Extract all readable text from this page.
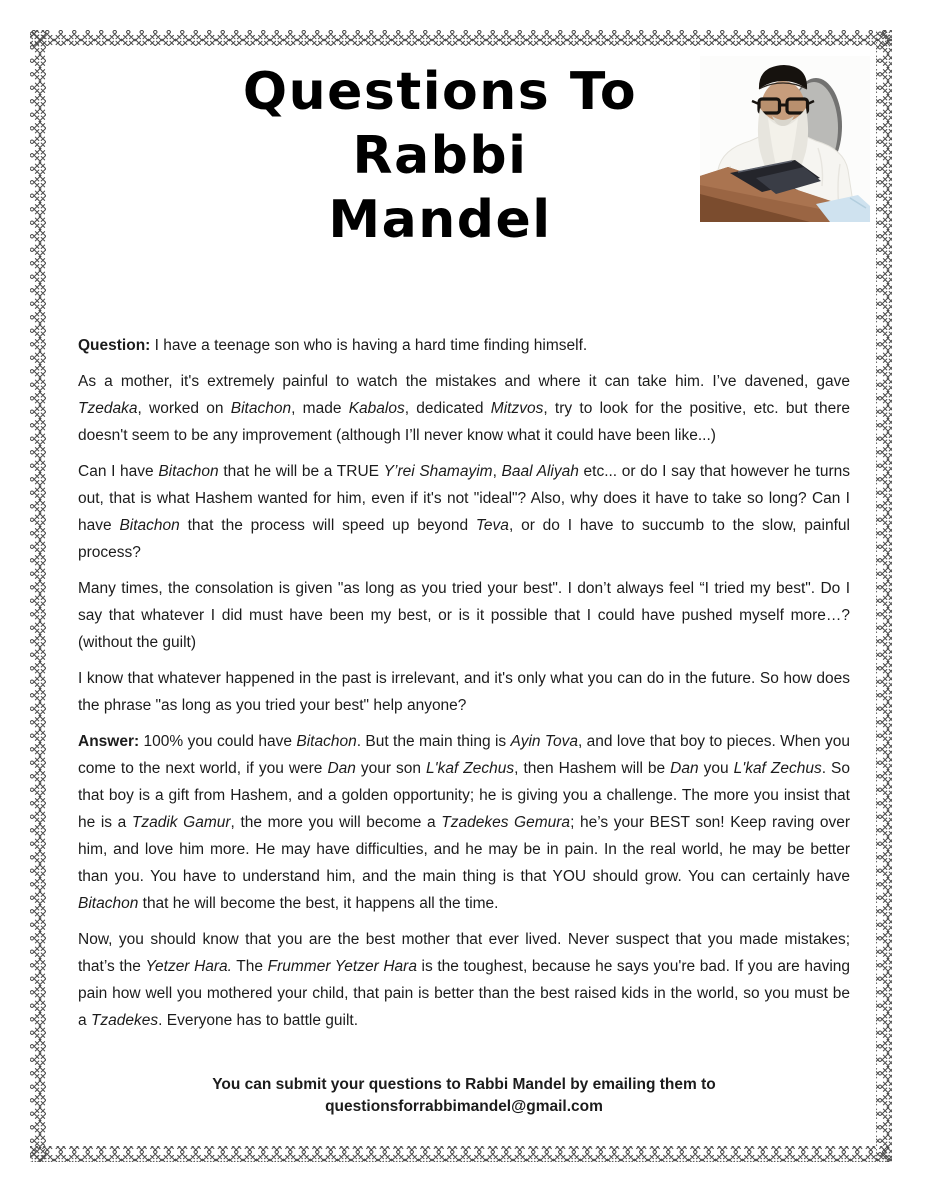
Questions To
Rabbi
Mandel

Question: I have a teenage son who is having a hard time finding himself.

As a mother, it's extremely painful to watch the mistakes and where it can take him. I’ve davened, gave Tzedaka, worked on Bitachon, made Kabalos, dedicated Mitzvos, try to look for the positive, etc. but there doesn't seem to be any improvement (although I’ll never know what it could have been like...)

Can I have Bitachon that he will be a TRUE Y’rei Shamayim, Baal Aliyah etc... or do I say that however he turns out, that is what Hashem wanted for him, even if it's not "ideal"? Also, why does it have to take so long? Can I have Bitachon that the process will speed up beyond Teva, or do I have to succumb to the slow, painful process?

Many times, the consolation is given "as long as you tried your best". I don’t always feel “I tried my best". Do I say that whatever I did must have been my best, or is it possible that I could have pushed myself more…? (without the guilt)

I know that whatever happened in the past is irrelevant, and it's only what you can do in the future. So how does the phrase "as long as you tried your best" help anyone?

Answer: 100% you could have Bitachon. But the main thing is Ayin Tova, and love that boy to pieces. When you come to the next world, if you were Dan your son L'kaf Zechus, then Hashem will be Dan you L'kaf Zechus. So that boy is a gift from Hashem, and a golden opportunity; he is giving you a challenge. The more you insist that he is a Tzadik Gamur, the more you will become a Tzadekes Gemura; he’s your BEST son! Keep raving over him, and love him more. He may have difficulties, and he may be in pain. In the real world, he may be better than you. You have to understand him, and the main thing is that YOU should grow. You can certainly have Bitachon that he will become the best, it happens all the time.

Now, you should know that you are the best mother that ever lived. Never suspect that you made mistakes; that’s the Yetzer Hara. The Frummer Yetzer Hara is the toughest, because he says you're bad. If you are having pain how well you mothered your child, that pain is better than the best raised kids in the world, so you must be a Tzadekes. Everyone has to battle guilt.

You can submit your questions to Rabbi Mandel by emailing them to
questionsforrabbimandel@gmail.com
